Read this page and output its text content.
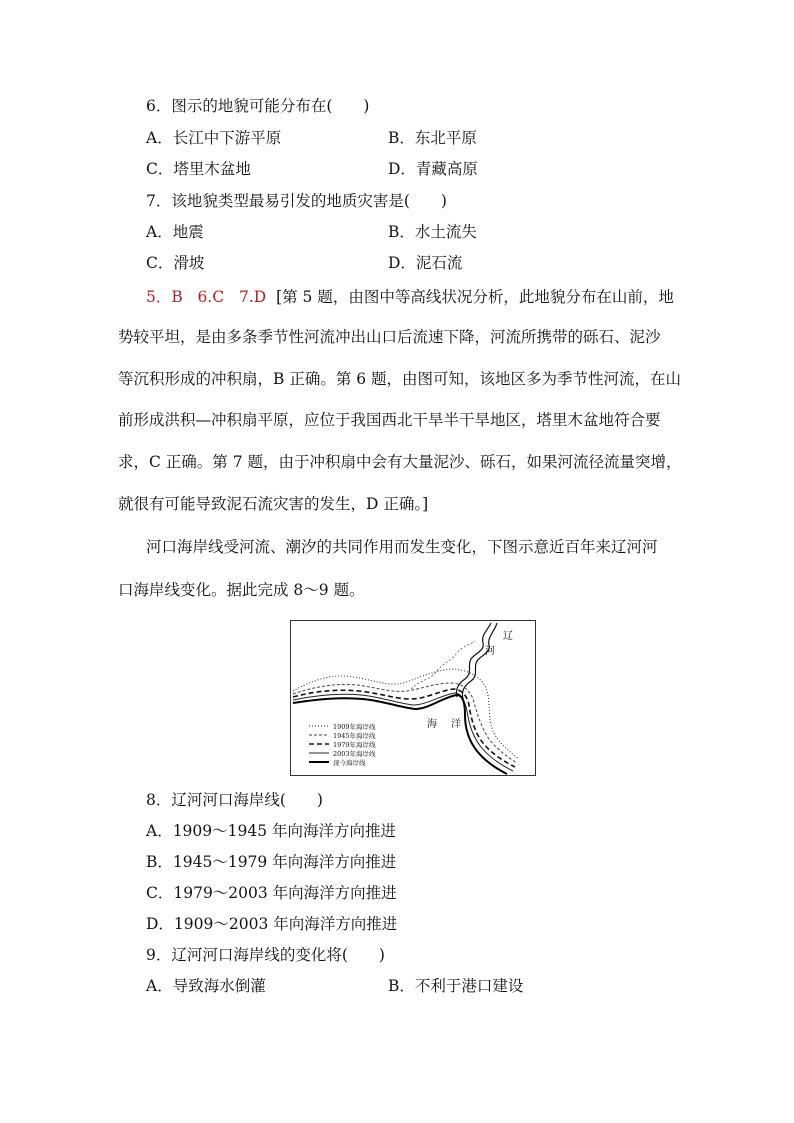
6．图示的地貌可能分布在(　　)
A．长江中下游平原	B．东北平原
C．塔里木盆地	D．青藏高原
7．该地貌类型最易引发的地质灾害是(　　)
A．地震	B．水土流失
C．滑坡	D．泥石流
5．B 6.C 7.D [第 5 题，由图中等高线状况分析，此地貌分布在山前，地
势较平坦，是由多条季节性河流冲出山口后流速下降，河流所携带的砾石、泥沙
等沉积形成的冲积扇，B 正确。第 6 题，由图可知，该地区多为季节性河流，在山
前形成洪积—冲积扇平原，应位于我国西北干旱半干旱地区，塔里木盆地符合要
求，C 正确。第 7 题，由于冲积扇中会有大量泥沙、砾石，如果河流径流量突增，
就很有可能导致泥石流灾害的发生，D 正确。]
河口海岸线受河流、潮汐的共同作用而发生变化，下图示意近百年来辽河河
口海岸线变化。据此完成 8～9 题。
辽
河
海 洋
1909年海岸线
1945年海岸线
1979年海岸线
2003年海岸线
现今海岸线
8．辽河河口海岸线(　　)
A．1909～1945 年向海洋方向推进
B．1945～1979 年向海洋方向推进
C．1979～2003 年向海洋方向推进
D．1909～2003 年向海洋方向推进
9．辽河河口海岸线的变化将(　　)
A．导致海水倒灌	B．不利于港口建设
